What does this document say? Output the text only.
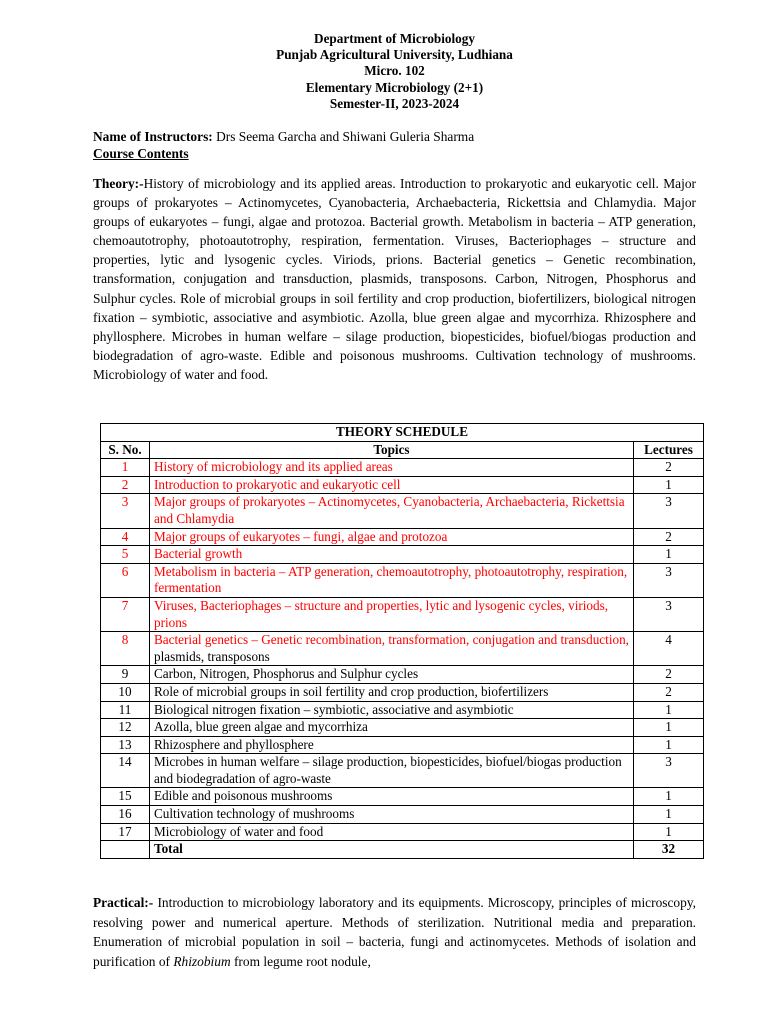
Department of Microbiology
Punjab Agricultural University, Ludhiana
Micro. 102
Elementary Microbiology (2+1)
Semester-II, 2023-2024
Name of Instructors: Drs Seema Garcha and Shiwani Guleria Sharma
Course Contents
Theory:-History of microbiology and its applied areas. Introduction to prokaryotic and eukaryotic cell. Major groups of prokaryotes – Actinomycetes, Cyanobacteria, Archaebacteria, Rickettsia and Chlamydia. Major groups of eukaryotes – fungi, algae and protozoa. Bacterial growth. Metabolism in bacteria – ATP generation, chemoautotrophy, photoautotrophy, respiration, fermentation. Viruses, Bacteriophages – structure and properties, lytic and lysogenic cycles. Viriods, prions. Bacterial genetics – Genetic recombination, transformation, conjugation and transduction, plasmids, transposons. Carbon, Nitrogen, Phosphorus and Sulphur cycles. Role of microbial groups in soil fertility and crop production, biofertilizers, biological nitrogen fixation – symbiotic, associative and asymbiotic. Azolla, blue green algae and mycorrhiza. Rhizosphere and phyllosphere. Microbes in human welfare – silage production, biopesticides, biofuel/biogas production and biodegradation of agro-waste. Edible and poisonous mushrooms. Cultivation technology of mushrooms. Microbiology of water and food.
THEORY SCHEDULE		
S. No.	Topics	Lectures
1	History of microbiology and its applied areas	2
2	Introduction to prokaryotic and eukaryotic cell	1
3	Major groups of prokaryotes – Actinomycetes, Cyanobacteria, Archaebacteria, Rickettsia and Chlamydia	3
4	Major groups of eukaryotes – fungi, algae and protozoa	2
5	Bacterial growth	1
6	Metabolism in bacteria – ATP generation, chemoautotrophy, photoautotrophy, respiration, fermentation	3
7	Viruses, Bacteriophages – structure and properties, lytic and lysogenic cycles, viriods, prions	3
8	Bacterial genetics – Genetic recombination, transformation, conjugation and transduction, plasmids, transposons	4
9	Carbon, Nitrogen, Phosphorus and Sulphur cycles	2
10	Role of microbial groups in soil fertility and crop production, biofertilizers	2
11	Biological nitrogen fixation – symbiotic, associative and asymbiotic	1
12	Azolla, blue green algae and mycorrhiza	1
13	Rhizosphere and phyllosphere	1
14	Microbes in human welfare – silage production, biopesticides, biofuel/biogas production and biodegradation of agro-waste	3
15	Edible and poisonous mushrooms	1
16	Cultivation technology of mushrooms	1
17	Microbiology of water and food	1
	Total	32
Practical:- Introduction to microbiology laboratory and its equipments. Microscopy, principles of microscopy, resolving power and numerical aperture. Methods of sterilization. Nutritional media and preparation. Enumeration of microbial population in soil – bacteria, fungi and actinomycetes. Methods of isolation and purification of Rhizobium from legume root nodule,
